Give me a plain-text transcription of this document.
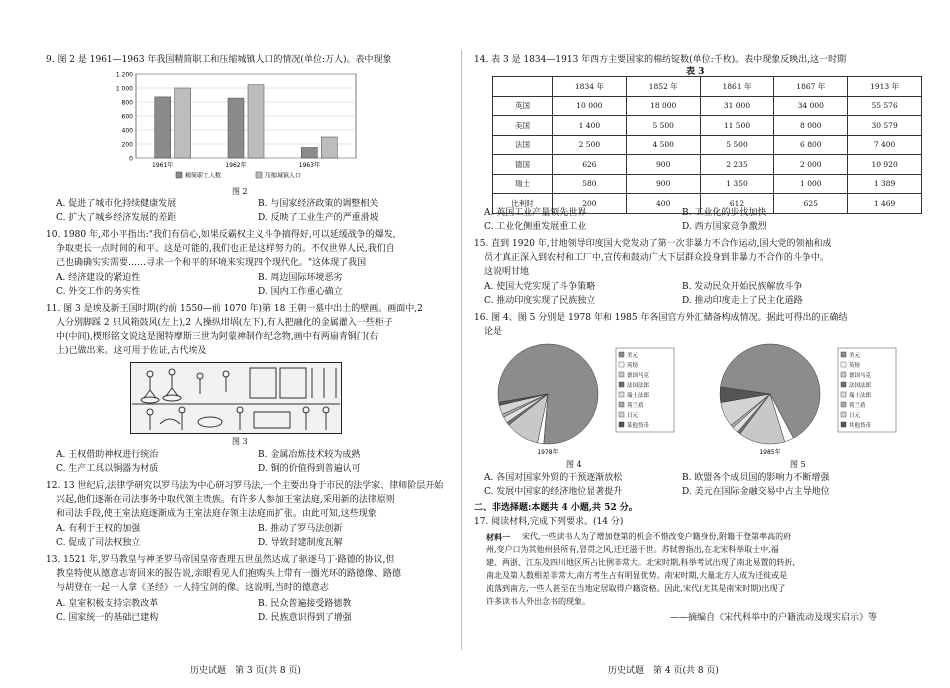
9. 图 2 是 1961—1963 年我国精简职工和压缩城镇人口的情况(单位:万人)。表中现象
0
200
400
600
800
1 000
1 200
1961年	1962年	1963年
精简职工人数	压缩城镇人口
图 2
A. 促进了城市化持续健康发展	B. 与国家经济政策的调整相关
C. 扩大了城乡经济发展的差距	D. 反映了工业生产的严重滑坡
10. 1980 年,邓小平指出:"我们有信心,如果反霸权主义斗争搞得好,可以延缓战争的爆发,
争取更长一点时间的和平。这是可能的,我们也正是这样努力的。不仅世界人民,我们自
己也确确实实需要……寻求一个和平的环境来实现四个现代化。"这体现了我国
A. 经济建设的紧迫性	B. 周边国际环境恶劣
C. 外交工作的务实性	D. 国内工作重心确立
11. 图 3 是埃及新王国时期(约前 1550—前 1070 年)第 18 王朝一墓中出土的壁画。画面中,2
人分别脚踩 2 只风箱鼓风(左上),2 人操纵坩埚(左下),有人把融化的金属灌入一些柜子
中(中间),楔形铭文说这是图特摩斯三世为阿蒙神制作纪念物,画中有两扇青铜门(右
上)已做出来。这可用于佐证,古代埃及
图 3
A. 王权借助神权进行统治	B. 金属冶炼技术较为成熟
C. 生产工具以铜器为材质	D. 铜的价值得到普遍认可
12. 13 世纪后,法律学研究以罗马法为中心研习罗马法,一个主要出身于市民的法学家、律师阶层开始
兴起,他们逐渐在司法事务中取代领主贵族。有许多人参加王室法庭,采用新的法律原则
和司法手段,使王室法庭逐渐成为王室法庭存领主法庭而扩张。由此可知,这些现象
A. 有利于王权的加强	B. 推动了罗马法创新
C. 促成了司法权独立	D. 导致封建制度瓦解
13. 1521 年,罗马教皇与神圣罗马帝国皇帝查理五世虽然达成了驱逐马丁·路德的协议,但
教皇特使从德意志寄回来的报告说,亲眼看见人们抱购头上带有一圈光环的路德像、路德
与胡登在一起一人拿《圣经》一人持宝剑的像。这说明,当时的德意志
A. 皇室积极支持宗教改革	B. 民众普遍接受路德教
C. 国家统一的基础已建构	D. 民族意识得到了增强
历史试题　第 3 页(共 8 页)
14. 表 3 是 1834—1913 年西方主要国家的棉纺锭数(单位:千枚)。表中现象反映出,这一时期
表 3
	1834 年	1852 年	1861 年	1867 年	1913 年
英国	10 000	18 000	31 000	34 000	55 576
美国	1 400	5 500	11 500	8 000	30 579
法国	2 500	4 500	5 500	6 800	7 400
德国	626	900	2 235	2 000	10 920
瑞士	580	900	1 350	1 000	1 389
比利时	200	400	612	625	1 469
A. 英国工业产量领先世界	B. 工业化的步伐加快
C. 工业化侧重发展重工业	D. 西方国家竞争激烈
15. 直到 1920 年,甘地领导印度国大党发动了第一次非暴力不合作运动,国大党的领袖和成
员才真正深入到农村和工厂中,宣传和鼓动广大下层群众投身到非暴力不合作的斗争中。
这说明甘地
A. 使国大党实现了斗争策略	B. 发动民众开始民族解放斗争
C. 推动印度实现了民族独立	D. 推动印度走上了民主化道路
16. 图 4、图 5 分别是 1978 年和 1985 年各国官方外汇储备构成情况。据此可得出的正确结
论是
美元
英镑
德国马克
法国法郎
瑞士法郎
荷兰盾
日元
某他货币
1978年
美元
英镑
德国马克
法国法郎
瑞士法郎
荷兰盾
日元
其他货币
1985年
图 4	图 5
A. 各国对国家外贸的干预逐渐放松	B. 欧盟各个成员国的影响力不断增强
C. 发展中国家的经济地位显著提升	D. 美元在国际金融交易中占主导地位
二、非选择题:本题共 4 小题,共 52 分。
17. 阅读材料,完成下列要求。(14 分)
材料一 宋代,一些读书人为了增加登第的机会不惜改变户籍身份,附籍于登第率高的府
州,变户口为其他州县所有,冒贯之风,迁迁滋于世。苏轼曾指出,在北宋科举取士中,福
建、两浙、江东及四川地区所占比例非常大。北宋时期,科举考试出现了南北易置的转折,
南北及第人数相差非常大,南方考生占有明显优势。南宋时期,大量北方人成为迁徙或是
流落到南方,一些人甚至在当地定居取得户籍资格。因此,宋代(尤其是南宋时期)出现了
许多读书人外出念书的现象。
——摘编自《宋代科举中的户籍流动及现实启示》等
历史试题　第 4 页(共 8 页)
